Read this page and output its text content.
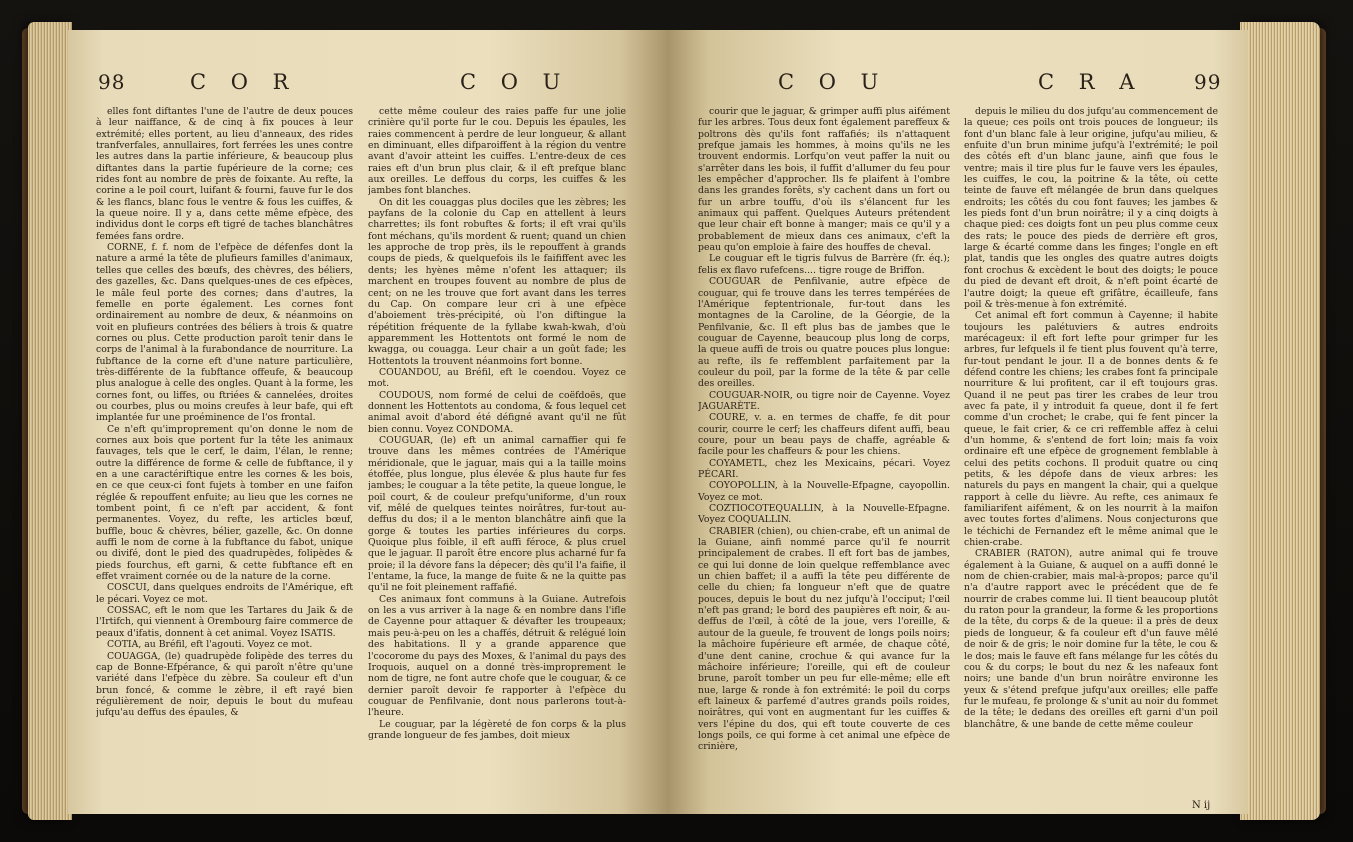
98	C O R	C O U

elles font diftantes l'une de l'autre de deux pouces à leur naiffance, & de cinq à fix pouces à leur extrémité; elles portent, au lieu d'anneaux, des rides tranfverfales, annullaires, fort ferrées les unes contre les autres dans la partie inférieure, & beaucoup plus diftantes dans la partie fupérieure de la corne; ces rides font au nombre de près de foixante. Au refte, la corine a le poil court, luifant & fourni, fauve fur le dos & les flancs, blanc fous le ventre & fous les cuiffes, & la queue noire. Il y a, dans cette même efpèce, des individus dont le corps eft tigré de taches blanchâtres femées fans ordre.

CORNE, f. f. nom de l'efpèce de défenfes dont la nature a armé la tête de plufieurs familles d'animaux, telles que celles des bœufs, des chèvres, des béliers, des gazelles, &c. Dans quelques-unes de ces efpèces, le mâle feul porte des cornes; dans d'autres, la femelle en porte également. Les cornes font ordinairement au nombre de deux, & néanmoins on voit en plufieurs contrées des béliers à trois & quatre cornes ou plus. Cette production paroît tenir dans le corps de l'animal à la furabondance de nourriture. La fubftance de la corne eft d'une nature particulière, très-différente de la fubftance offeufe, & beaucoup plus analogue à celle des ongles. Quant à la forme, les cornes font, ou liffes, ou ftriées & cannelées, droites ou courbes, plus ou moins creufes à leur bafe, qui eft implantée fur une proéminence de l'os frontal.

Ce n'eft qu'improprement qu'on donne le nom de cornes aux bois que portent fur la tête les animaux fauvages, tels que le cerf, le daim, l'élan, le renne; outre la différence de forme & celle de fubftance, il y en a une caractériftique entre les cornes & les bois, en ce que ceux-ci font fujets à tomber en une faifon réglée & repouffent enfuite; au lieu que les cornes ne tombent point, fi ce n'eft par accident, & font permanentes. Voyez, du refte, les articles bœuf, buffle, bouc & chèvres, bélier, gazelle, &c. On donne auffi le nom de corne à la fubftance du fabot, unique ou divifé, dont le pied des quadrupèdes, folipèdes & pieds fourchus, eft garni, & cette fubftance eft en effet vraiment cornée ou de la nature de la corne.

COSCUI, dans quelques endroits de l'Amérique, eft le pécari. Voyez ce mot.

COSSAC, eft le nom que les Tartares du Jaik & de l'Irtifch, qui viennent à Orembourg faire commerce de peaux d'ifatis, donnent à cet animal. Voyez ISATIS.

COTIA, au Bréfil, eft l'agouti. Voyez ce mot.

COUAGGA, (le) quadrupède folipède des terres du cap de Bonne-Efpérance, & qui paroît n'être qu'une variété dans l'efpèce du zèbre. Sa couleur eft d'un brun foncé, & comme le zèbre, il eft rayé bien régulièrement de noir, depuis le bout du mufeau jufqu'au deffus des épaules, &

cette même couleur des raies paffe fur une jolie crinière qu'il porte fur le cou. Depuis les épaules, les raies commencent à perdre de leur longueur, & allant en diminuant, elles difparoiffent à la région du ventre avant d'avoir atteint les cuiffes. L'entre-deux de ces raies eft d'un brun plus clair, & il eft prefque blanc aux oreilles. Le deffous du corps, les cuiffes & les jambes font blanches.

On dit les couaggas plus dociles que les zèbres; les payfans de la colonie du Cap en attellent à leurs charrettes; ils font robuftes & forts; il eft vrai qu'ils font méchans, qu'ils mordent & ruent; quand un chien les approche de trop près, ils le repouffent à grands coups de pieds, & quelquefois ils le faififfent avec les dents; les hyènes même n'ofent les attaquer; ils marchent en troupes fouvent au nombre de plus de cent; on ne les trouve que fort avant dans les terres du Cap. On compare leur cri à une efpèce d'aboiement très-précipité, où l'on diftingue la répétition fréquente de la fyllabe kwah-kwah, d'où apparemment les Hottentots ont formé le nom de kwagga, ou couagga. Leur chair a un goût fade; les Hottentots la trouvent néanmoins fort bonne.

COUANDOU, au Bréfil, eft le coendou. Voyez ce mot.

COUDOUS, nom formé de celui de coëfdoës, que donnent les Hottentots au condoma, & fous lequel cet animal avoit d'abord été défigné avant qu'il ne fût bien connu. Voyez CONDOMA.

COUGUAR, (le) eft un animal carnaffier qui fe trouve dans les mêmes contrées de l'Amérique méridionale, que le jaguar, mais qui a la taille moins étoffée, plus longue, plus élevée & plus haute fur fes jambes; le couguar a la tête petite, la queue longue, le poil court, & de couleur prefqu'uniforme, d'un roux vif, mêlé de quelques teintes noirâtres, fur-tout au-deffus du dos; il a le menton blanchâtre ainfi que la gorge & toutes les parties inférieures du corps. Quoique plus foible, il eft auffi féroce, & plus cruel que le jaguar. Il paroît être encore plus acharné fur fa proie; il la dévore fans la dépecer; dès qu'il l'a faifie, il l'entame, la fuce, la mange de fuite & ne la quitte pas qu'il ne foit pleinement raffafié.

Ces animaux font communs à la Guiane. Autrefois on les a vus arriver à la nage & en nombre dans l'ifle de Cayenne pour attaquer & dévafter les troupeaux; mais peu-à-peu on les a chaffés, détruit & relégué loin des habitations. Il y a grande apparence que l'cocorome du pays des Moxes, & l'animal du pays des Iroquois, auquel on a donné très-improprement le nom de tigre, ne font autre chofe que le couguar, & ce dernier paroît devoir fe rapporter à l'efpèce du couguar de Penfilvanie, dont nous parlerons tout-à-l'heure.

Le couguar, par la légèreté de fon corps & la plus grande longueur de fes jambes, doit mieux

C O U	C R A	99

courir que le jaguar, & grimper auffi plus aifément fur les arbres. Tous deux font également pareffeux & poltrons dès qu'ils font raffafiés; ils n'attaquent prefque jamais les hommes, à moins qu'ils ne les trouvent endormis. Lorfqu'on veut paffer la nuit ou s'arrêter dans les bois, il fuffit d'allumer du feu pour les empêcher d'approcher. Ils fe plaifent à l'ombre dans les grandes forêts, s'y cachent dans un fort ou fur un arbre touffu, d'où ils s'élancent fur les animaux qui paffent. Quelques Auteurs prétendent que leur chair eft bonne à manger; mais ce qu'il y a probablement de mieux dans ces animaux, c'eft la peau qu'on emploie à faire des houffes de cheval.

Le couguar eft le tigris fulvus de Barrère (fr. éq.); felis ex flavo rufefcens.... tigre rouge de Briffon.

COUGUAR de Penfilvanie, autre efpèce de couguar, qui fe trouve dans les terres tempérées de l'Amérique feptentrionale, fur-tout dans les montagnes de la Caroline, de la Géorgie, de la Penfilvanie, &c. Il eft plus bas de jambes que le couguar de Cayenne, beaucoup plus long de corps, la queue auffi de trois ou quatre pouces plus longue: au refte, ils fe reffemblent parfaitement par la couleur du poil, par la forme de la tête & par celle des oreilles.

COUGUAR-NOIR, ou tigre noir de Cayenne. Voyez JAGUARÈTE.

COURE, v. a. en termes de chaffe, fe dit pour courir, courre le cerf; les chaffeurs difent auffi, beau coure, pour un beau pays de chaffe, agréable & facile pour les chaffeurs & pour les chiens.

COYAMETL, chez les Mexicains, pécari. Voyez PÉCARI.

COYOPOLLIN, à la Nouvelle-Efpagne, cayopollin. Voyez ce mot.

COZTIOCOTEQUALLIN, à la Nouvelle-Efpagne. Voyez COQUALLIN.

CRABIER (chien), ou chien-crabe, eft un animal de la Guiane, ainfi nommé parce qu'il fe nourrit principalement de crabes. Il eft fort bas de jambes, ce qui lui donne de loin quelque reffemblance avec un chien baffet; il a auffi la tête peu différente de celle du chien; fa longueur n'eft que de quatre pouces, depuis le bout du nez jufqu'à l'occiput; l'œil n'eft pas grand; le bord des paupières eft noir, & au-deffus de l'œil, à côté de la joue, vers l'oreille, & autour de la gueule, fe trouvent de longs poils noirs; la mâchoire fupérieure eft armée, de chaque côté, d'une dent canine, crochue & qui avance fur la mâchoire inférieure; l'oreille, qui eft de couleur brune, paroît tomber un peu fur elle-même; elle eft nue, large & ronde à fon extrémité: le poil du corps eft laineux & parfemé d'autres grands poils roides, noirâtres, qui vont en augmentant fur les cuiffes & vers l'épine du dos, qui eft toute couverte de ces longs poils, ce qui forme à cet animal une efpèce de crinière,

depuis le milieu du dos jufqu'au commencement de la queue; ces poils ont trois pouces de longueur; ils font d'un blanc fale à leur origine, jufqu'au milieu, & enfuite d'un brun minime jufqu'à l'extrémité; le poil des côtés eft d'un blanc jaune, ainfi que fous le ventre; mais il tire plus fur le fauve vers les épaules, les cuiffes, le cou, la poitrine & la tête, où cette teinte de fauve eft mélangée de brun dans quelques endroits; les côtés du cou font fauves; les jambes & les pieds font d'un brun noirâtre; il y a cinq doigts à chaque pied: ces doigts font un peu plus comme ceux des rats; le pouce des pieds de derrière eft gros, large & écarté comme dans les finges; l'ongle en eft plat, tandis que les ongles des quatre autres doigts font crochus & excèdent le bout des doigts; le pouce du pied de devant eft droit, & n'eft point écarté de l'autre doigt; la queue eft grifâtre, écailleufe, fans poil & très-menue à fon extrémité.

Cet animal eft fort commun à Cayenne; il habite toujours les palétuviers & autres endroits marécageux: il eft fort lefte pour grimper fur les arbres, fur lefquels il fe tient plus fouvent qu'à terre, fur-tout pendant le jour. Il a de bonnes dents & fe défend contre les chiens; les crabes font fa principale nourriture & lui profitent, car il eft toujours gras. Quand il ne peut pas tirer les crabes de leur trou avec fa pate, il y introduit fa queue, dont il fe fert comme d'un crochet; le crabe, qui fe fent pincer la queue, le fait crier, & ce cri reffemble affez à celui d'un homme, & s'entend de fort loin; mais fa voix ordinaire eft une efpèce de grognement femblable à celui des petits cochons. Il produit quatre ou cinq petits, & les dépofe dans de vieux arbres: les naturels du pays en mangent la chair, qui a quelque rapport à celle du lièvre. Au refte, ces animaux fe familiarifent aifément, & on les nourrit à la maifon avec toutes fortes d'alimens. Nous conjecturons que le téchichi de Fernandez eft le même animal que le chien-crabe.

CRABIER (RATON), autre animal qui fe trouve également à la Guiane, & auquel on a auffi donné le nom de chien-crabier, mais mal-à-propos; parce qu'il n'a d'autre rapport avec le précédent que de fe nourrir de crabes comme lui. Il tient beaucoup plutôt du raton pour la grandeur, la forme & les proportions de la tête, du corps & de la queue: il a près de deux pieds de longueur, & fa couleur eft d'un fauve mêlé de noir & de gris; le noir domine fur la tête, le cou & le dos; mais le fauve eft fans mélange fur les côtés du cou & du corps; le bout du nez & les nafeaux font noirs; une bande d'un brun noirâtre environne les yeux & s'étend prefque jufqu'aux oreilles; elle paffe fur le mufeau, fe prolonge & s'unit au noir du fommet de la tête; le dedans des oreilles eft garni d'un poil blanchâtre, & une bande de cette même couleur

N ij
